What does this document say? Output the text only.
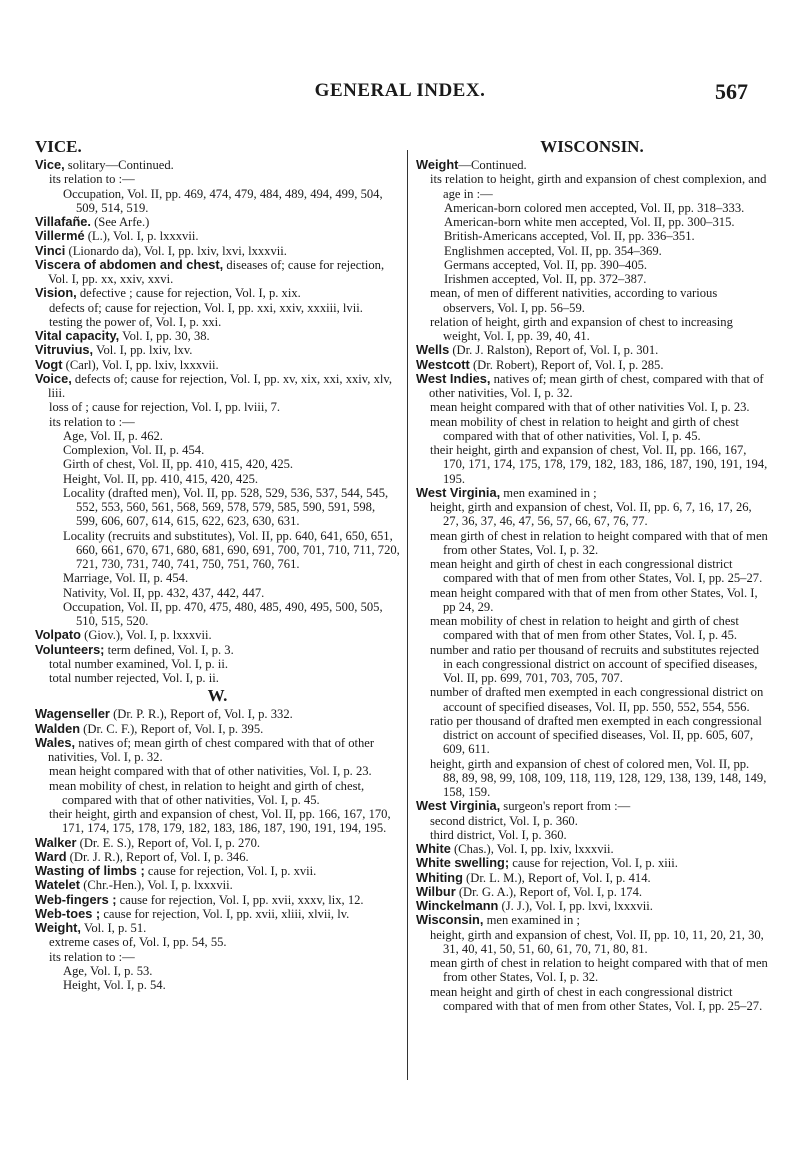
GENERAL INDEX.	567
VICE.
Vice, solitary—Continued.
its relation to :—
Occupation, Vol. II, pp. 469, 474, 479, 484, 489, 494, 499, 504, 509, 514, 519.
Villafañe. (See Arfe.)
Villermé (L.), Vol. I, p. lxxxvii.
Vinci (Lionardo da), Vol. I, pp. lxiv, lxvi, lxxxvii.
Viscera of abdomen and chest, diseases of; cause for rejection, Vol. I, pp. xx, xxiv, xxvi.
Vision, defective ; cause for rejection, Vol. I, p. xix.
defects of; cause for rejection, Vol. I, pp. xxi, xxiv, xxxiii, lvii.
testing the power of, Vol. I, p. xxi.
Vital capacity, Vol. I, pp. 30, 38.
Vitruvius, Vol. I, pp. lxiv, lxv.
Vogt (Carl), Vol. I, pp. lxiv, lxxxvii.
Voice, defects of; cause for rejection, Vol. I, pp. xv, xix, xxi, xxiv, xlv, liii.
loss of ; cause for rejection, Vol. I, pp. lviii, 7.
its relation to :—
Age, Vol. II, p. 462.
Complexion, Vol. II, p. 454.
Girth of chest, Vol. II, pp. 410, 415, 420, 425.
Height, Vol. II, pp. 410, 415, 420, 425.
Locality (drafted men), Vol. II, pp. 528, 529, 536, 537, 544, 545, 552, 553, 560, 561, 568, 569, 578, 579, 585, 590, 591, 598, 599, 606, 607, 614, 615, 622, 623, 630, 631.
Locality (recruits and substitutes), Vol. II, pp. 640, 641, 650, 651, 660, 661, 670, 671, 680, 681, 690, 691, 700, 701, 710, 711, 720, 721, 730, 731, 740, 741, 750, 751, 760, 761.
Marriage, Vol. II, p. 454.
Nativity, Vol. II, pp. 432, 437, 442, 447.
Occupation, Vol. II, pp. 470, 475, 480, 485, 490, 495, 500, 505, 510, 515, 520.
Volpato (Giov.), Vol. I, p. lxxxvii.
Volunteers; term defined, Vol. I, p. 3.
total number examined, Vol. I, p. ii.
total number rejected, Vol. I, p. ii.
W.
Wagenseller (Dr. P. R.), Report of, Vol. I, p. 332.
Walden (Dr. C. F.), Report of, Vol. I, p. 395.
Wales, natives of; mean girth of chest compared with that of other nativities, Vol. I, p. 32.
mean height compared with that of other nativities, Vol. I, p. 23.
mean mobility of chest, in relation to height and girth of chest, compared with that of other nativities, Vol. I, p. 45.
their height, girth and expansion of chest, Vol. II, pp. 166, 167, 170, 171, 174, 175, 178, 179, 182, 183, 186, 187, 190, 191, 194, 195.
Walker (Dr. E. S.), Report of, Vol. I, p. 270.
Ward (Dr. J. R.), Report of, Vol. I, p. 346.
Wasting of limbs ; cause for rejection, Vol. I, p. xvii.
Watelet (Chr.-Hen.), Vol. I, p. lxxxvii.
Web-fingers ; cause for rejection, Vol. I, pp. xvii, xxxv, lix, 12.
Web-toes ; cause for rejection, Vol. I, pp. xvii, xliii, xlvii, lv.
Weight, Vol. I, p. 51.
extreme cases of, Vol. I, pp. 54, 55.
its relation to :—
Age, Vol. I, p. 53.
Height, Vol. I, p. 54.
WISCONSIN.
Weight—Continued.
its relation to height, girth and expansion of chest complexion, and age in :—
American-born colored men accepted, Vol. II, pp. 318–333.
American-born white men accepted, Vol. II, pp. 300–315.
British-Americans accepted, Vol. II, pp. 336–351.
Englishmen accepted, Vol. II, pp. 354–369.
Germans accepted, Vol. II, pp. 390–405.
Irishmen accepted, Vol. II, pp. 372–387.
mean, of men of different nativities, according to various observers, Vol. I, pp. 56–59.
relation of height, girth and expansion of chest to increasing weight, Vol. I, pp. 39, 40, 41.
Wells (Dr. J. Ralston), Report of, Vol. I, p. 301.
Westcott (Dr. Robert), Report of, Vol. I, p. 285.
West Indies, natives of; mean girth of chest, compared with that of other nativities, Vol. I, p. 32.
mean height compared with that of other nativities Vol. I, p. 23.
mean mobility of chest in relation to height and girth of chest compared with that of other nativities, Vol. I, p. 45.
their height, girth and expansion of chest, Vol. II, pp. 166, 167, 170, 171, 174, 175, 178, 179, 182, 183, 186, 187, 190, 191, 194, 195.
West Virginia, men examined in ;
height, girth and expansion of chest, Vol. II, pp. 6, 7, 16, 17, 26, 27, 36, 37, 46, 47, 56, 57, 66, 67, 76, 77.
mean girth of chest in relation to height compared with that of men from other States, Vol. I, p. 32.
mean height and girth of chest in each congressional district compared with that of men from other States, Vol. I, pp. 25–27.
mean height compared with that of men from other States, Vol. I, pp 24, 29.
mean mobility of chest in relation to height and girth of chest compared with that of men from other States, Vol. I, p. 45.
number and ratio per thousand of recruits and substitutes rejected in each congressional district on account of specified diseases, Vol. II, pp. 699, 701, 703, 705, 707.
number of drafted men exempted in each congressional district on account of specified diseases, Vol. II, pp. 550, 552, 554, 556.
ratio per thousand of drafted men exempted in each congressional district on account of specified diseases, Vol. II, pp. 605, 607, 609, 611.
height, girth and expansion of chest of colored men, Vol. II, pp. 88, 89, 98, 99, 108, 109, 118, 119, 128, 129, 138, 139, 148, 149, 158, 159.
West Virginia, surgeon's report from :—
second district, Vol. I, p. 360.
third district, Vol. I, p. 360.
White (Chas.), Vol. I, pp. lxiv, lxxxvii.
White swelling; cause for rejection, Vol. I, p. xiii.
Whiting (Dr. L. M.), Report of, Vol. I, p. 414.
Wilbur (Dr. G. A.), Report of, Vol. I, p. 174.
Winckelmann (J. J.), Vol. I, pp. lxvi, lxxxvii.
Wisconsin, men examined in ;
height, girth and expansion of chest, Vol. II, pp. 10, 11, 20, 21, 30, 31, 40, 41, 50, 51, 60, 61, 70, 71, 80, 81.
mean girth of chest in relation to height compared with that of men from other States, Vol. I, p. 32.
mean height and girth of chest in each congressional district compared with that of men from other States, Vol. I, pp. 25–27.
